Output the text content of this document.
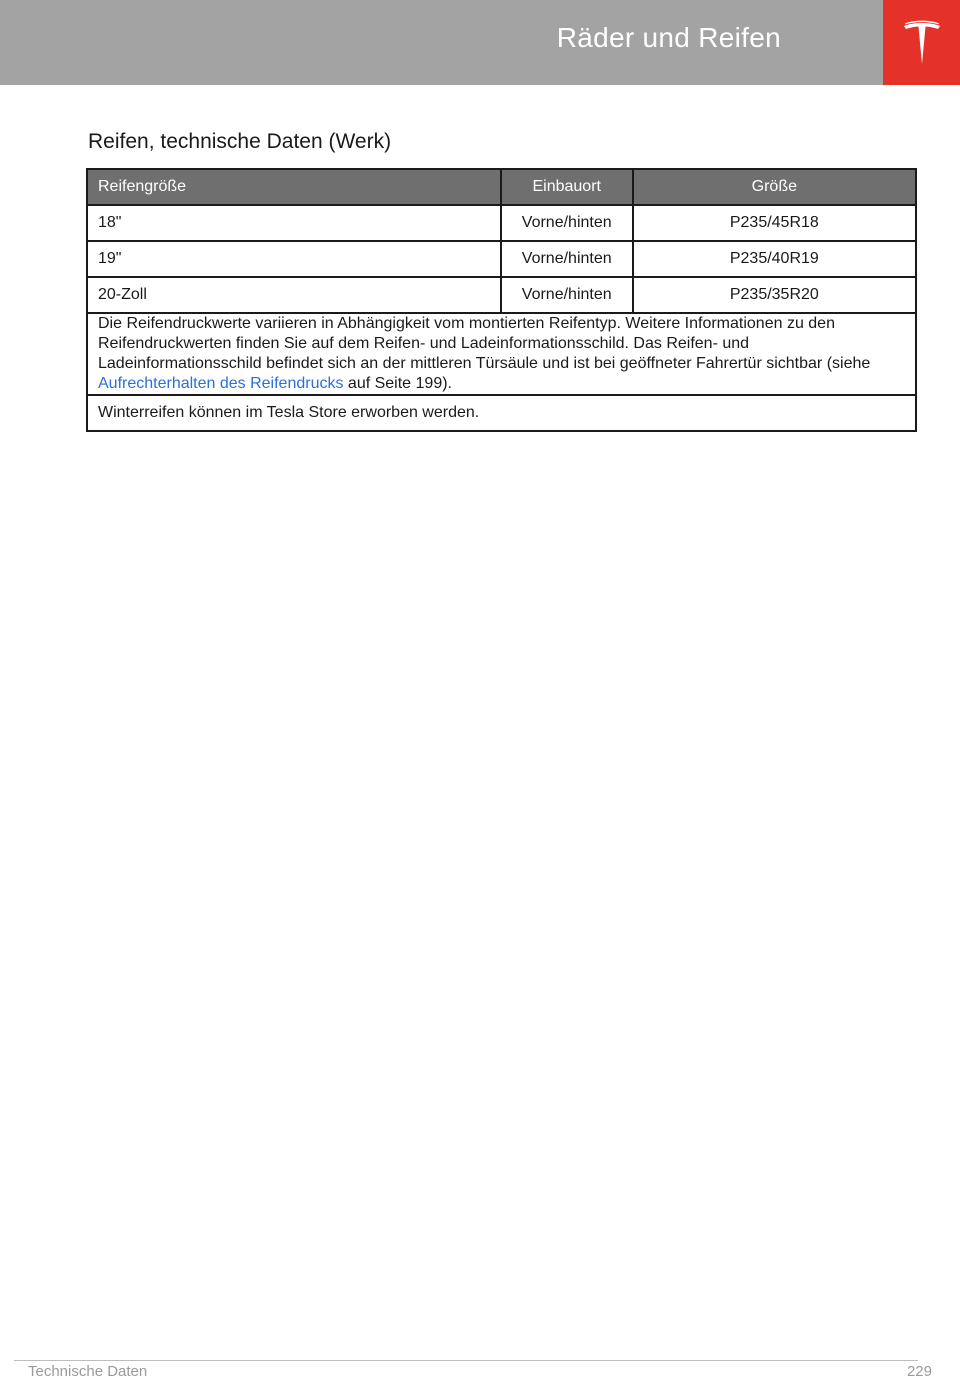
Räder und Reifen
Reifen, technische Daten (Werk)
Reifengröße	Einbauort	Größe
18"	Vorne/hinten	P235/45R18
19"	Vorne/hinten	P235/40R19
20-Zoll	Vorne/hinten	P235/35R20
Die Reifendruckwerte variieren in Abhängigkeit vom montierten Reifentyp. Weitere Informationen zu den Reifendruckwerten finden Sie auf dem Reifen- und Ladeinformationsschild. Das Reifen- und Ladeinformationsschild befindet sich an der mittleren Türsäule und ist bei geöffneter Fahrertür sichtbar (siehe Aufrechterhalten des Reifendrucks auf Seite 199).		
Winterreifen können im Tesla Store erworben werden.		
Technische Daten	229
